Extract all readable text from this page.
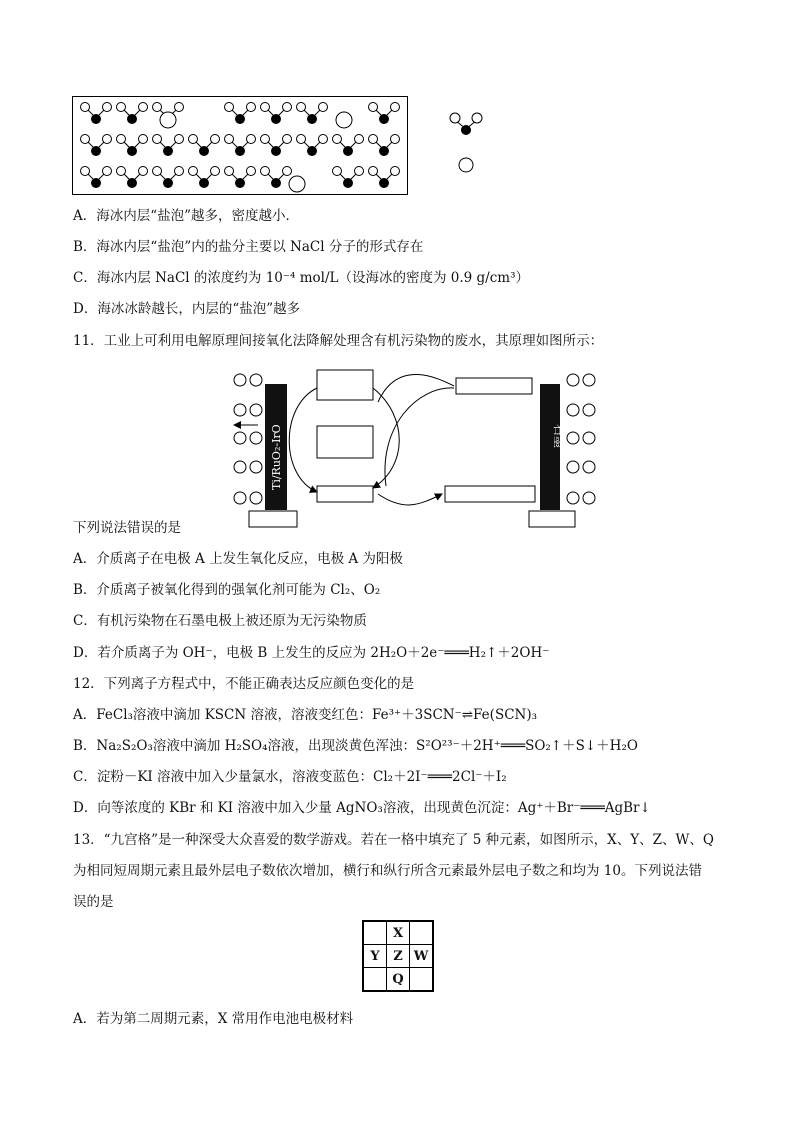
A．海冰内层“盐泡”越多，密度越小．
B．海冰内层“盐泡”内的盐分主要以 NaCl 分子的形式存在
C．海冰内层 NaCl 的浓度约为 10⁻⁴ mol/L（设海冰的密度为 0.9 g/cm³）
D．海冰冰龄越长，内层的“盐泡”越多
11．工业上可利用电解原理间接氧化法降解处理含有机污染物的废水，其原理如图所示：
Ti/RuO₂-IrO	石墨
下列说法错误的是
A．介质离子在电极 A 上发生氧化反应，电极 A 为阳极
B．介质离子被氧化得到的强氧化剂可能为 Cl₂、O₂
C．有机污染物在石墨电极上被还原为无污染物质
D．若介质离子为 OH⁻，电极 B 上发生的反应为 2H₂O＋2e⁻═══H₂↑＋2OH⁻
12．下列离子方程式中，不能正确表达反应颜色变化的是
A．FeCl₃溶液中滴加 KSCN 溶液，溶液变红色：Fe³⁺＋3SCN⁻⇌Fe(SCN)₃
B．Na₂S₂O₃溶液中滴加 H₂SO₄溶液，出现淡黄色浑浊：S²O²³⁻＋2H⁺═══SO₂↑＋S↓＋H₂O
C．淀粉－KI 溶液中加入少量氯水，溶液变蓝色：Cl₂＋2I⁻═══2Cl⁻＋I₂
D．向等浓度的 KBr 和 KI 溶液中加入少量 AgNO₃溶液，出现黄色沉淀：Ag⁺＋Br⁻═══AgBr↓
13．“九宫格”是一种深受大众喜爱的数学游戏。若在一格中填充了 5 种元素，如图所示，X、Y、Z、W、Q
为相同短周期元素且最外层电子数依次增加，横行和纵行所含元素最外层电子数之和均为 10。下列说法错
误的是
	X	
Y	Z	W
	Q	
A．若为第二周期元素，X 常用作电池电极材料
